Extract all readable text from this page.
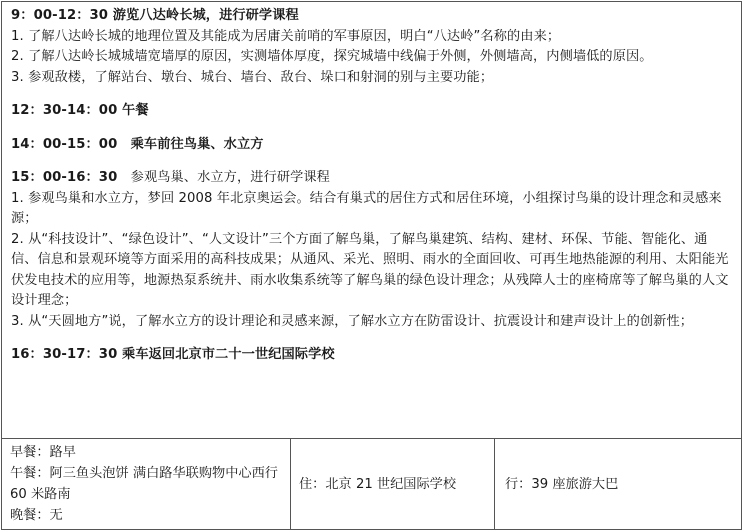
9：00-12：30 游览八达岭长城，进行研学课程
1. 了解八达岭长城的地理位置及其能成为居庸关前哨的军事原因，明白“八达岭”名称的由来；
2. 了解八达岭长城城墙宽墙厚的原因，实测墙体厚度，探究城墙中线偏于外侧，外侧墙高，内侧墙低的原因。
3. 参观敌楼，了解站台、墩台、城台、墙台、敌台、垛口和射洞的别与主要功能；
12：30-14：00 午餐
14：00-15：00　乘车前往鸟巢、水立方
15：00-16：30　 参观鸟巢、水立方，进行研学课程
1. 参观鸟巢和水立方，梦回 2008 年北京奥运会。结合有巢式的居住方式和居住环境，小组探讨鸟巢的设计理念和灵感来源；
2. 从“科技设计”、“绿色设计”、“人文设计”三个方面了解鸟巢，了解鸟巢建筑、结构、建材、环保、节能、智能化、通信、信息和景观环境等方面采用的高科技成果；从通风、采光、照明、雨水的全面回收、可再生地热能源的利用、太阳能光伏发电技术的应用等，地源热泵系统井、雨水收集系统等了解鸟巢的绿色设计理念；从残障人士的座椅席等了解鸟巢的人文设计理念；
3. 从“天圆地方”说，了解水立方的设计理论和灵感来源，了解水立方在防雷设计、抗震设计和建声设计上的创新性；
16：30-17：30 乘车返回北京市二十一世纪国际学校
早餐：路早
午餐：阿三鱼头泡饼 满白路华联购物中心西行 60 米路南
晚餐：无
住：北京 21 世纪国际学校	行：39 座旅游大巴
